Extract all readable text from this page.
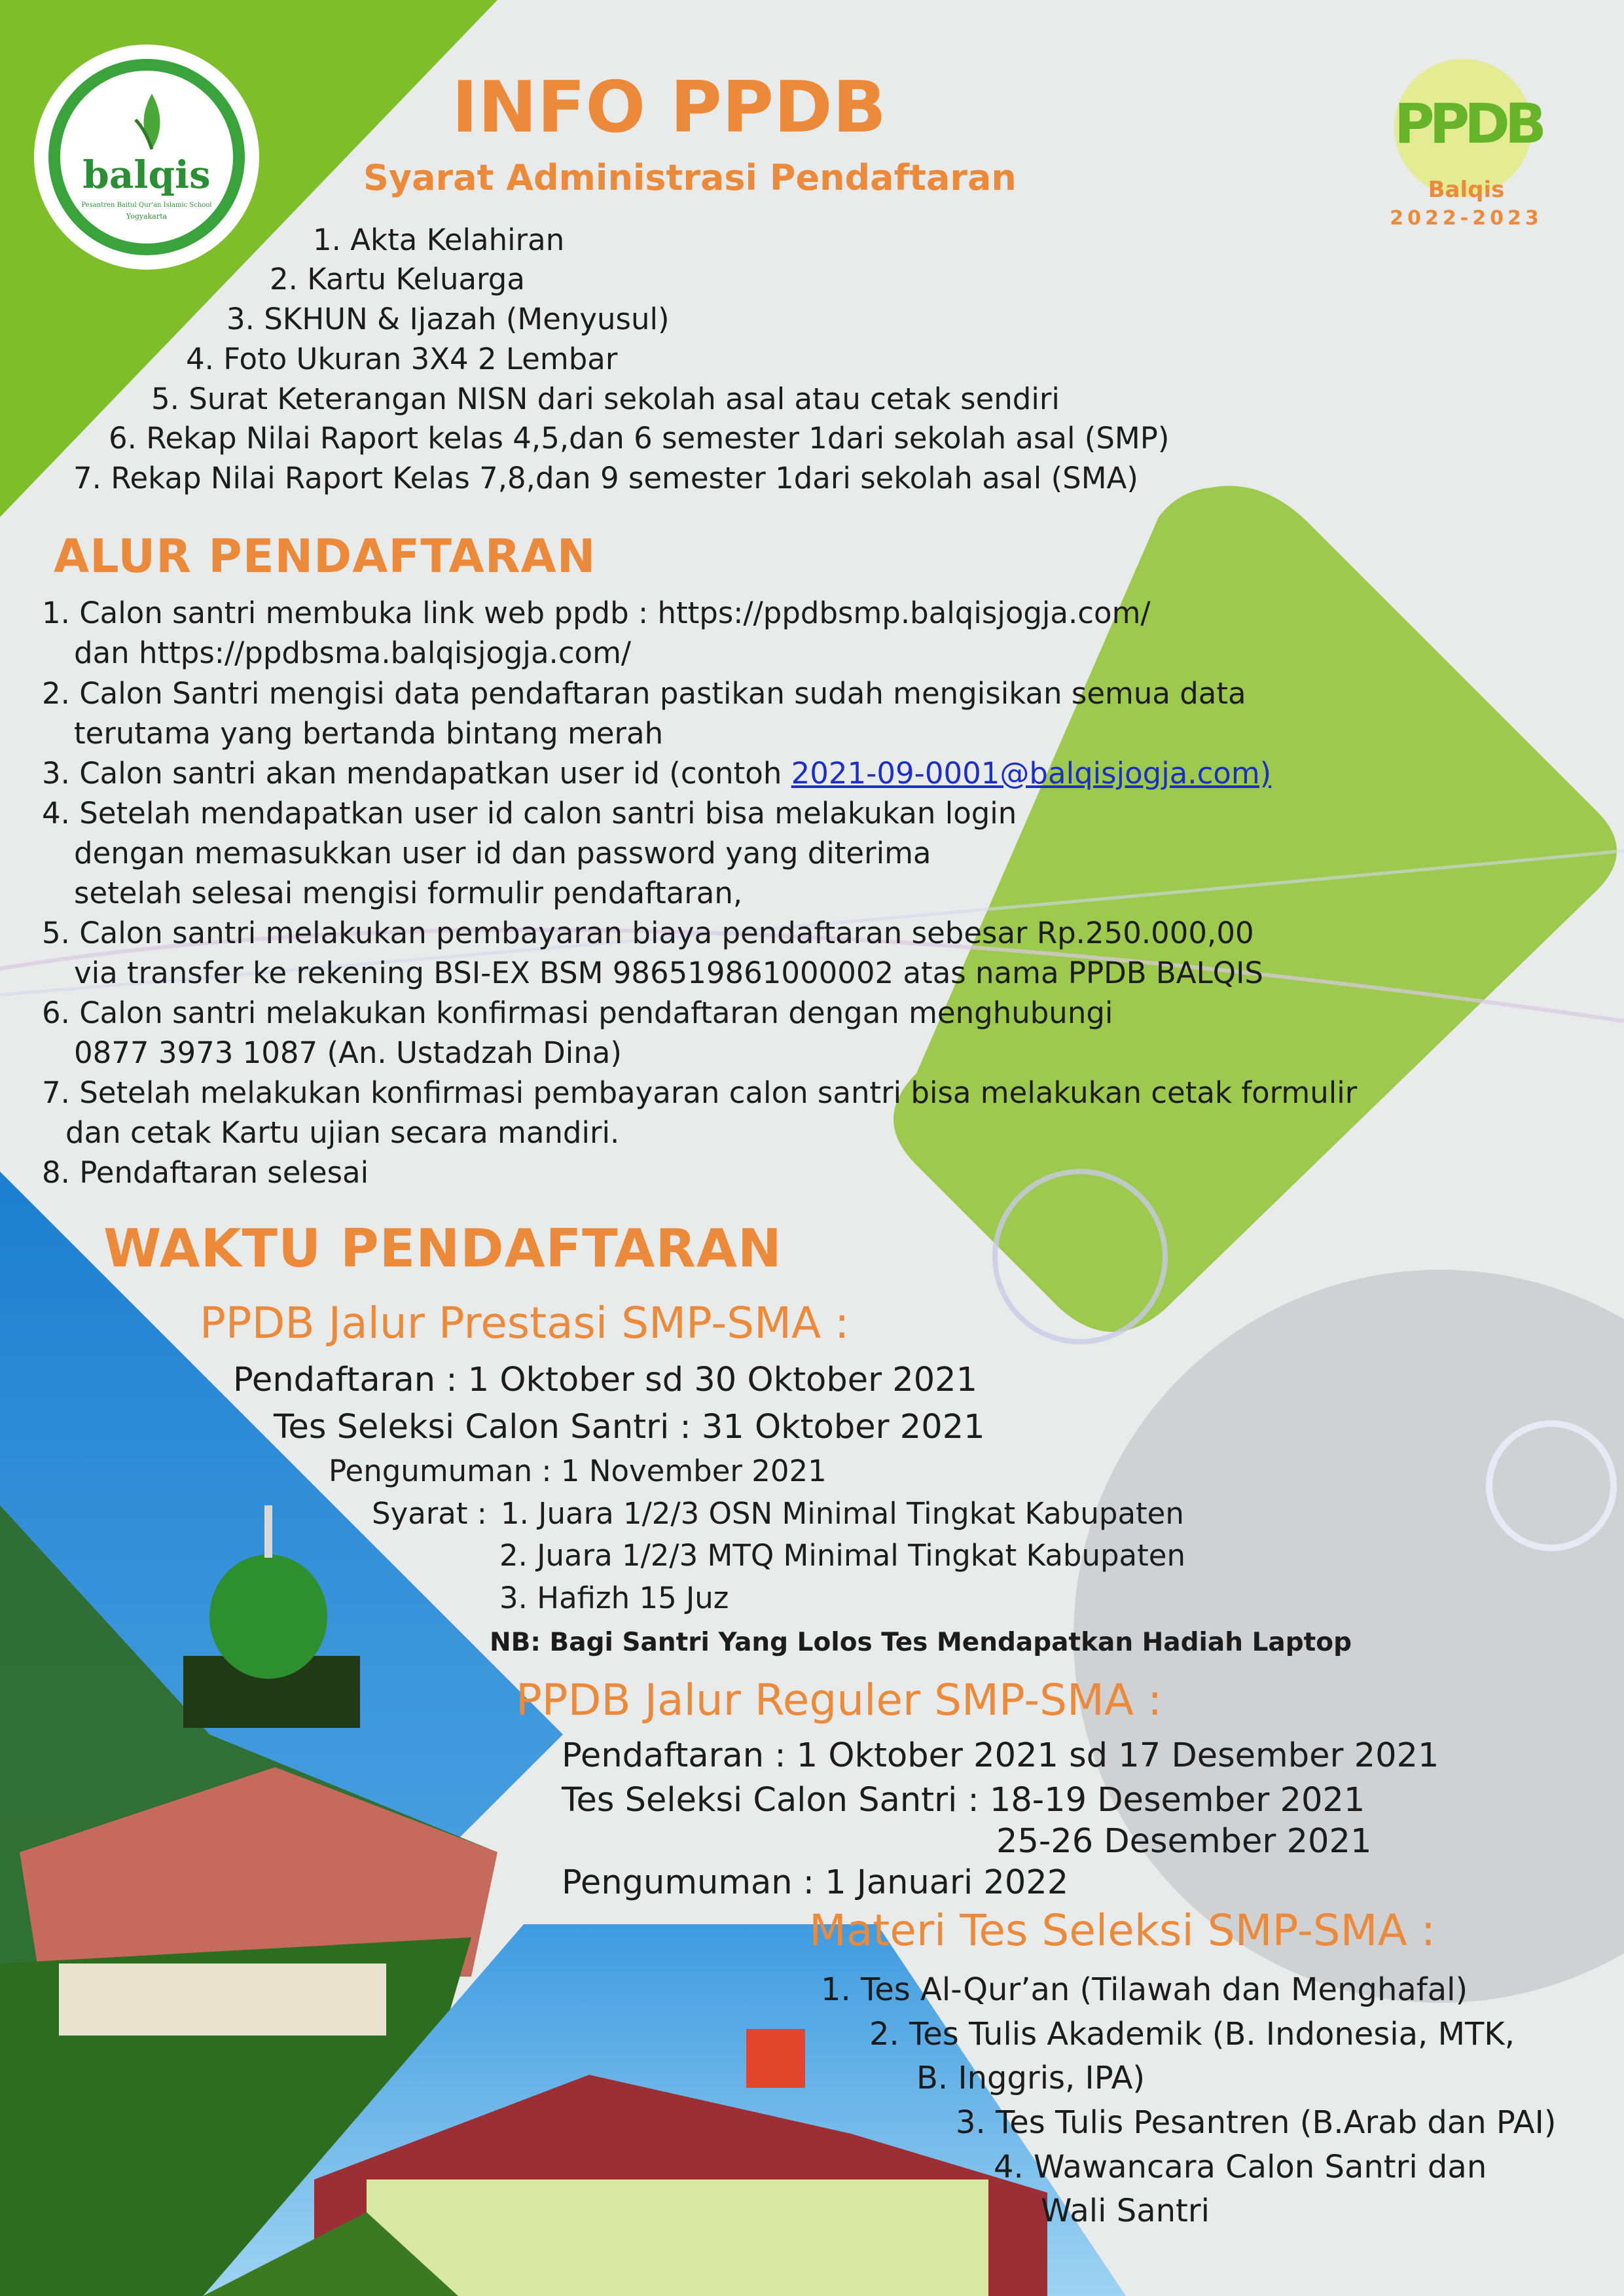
balqis
Pesantren Baitul Qur'an Islamic School
Yogyakarta
PPDB
Balqis
2022-2023
INFO PPDB
Syarat Administrasi Pendaftaran
1. Akta Kelahiran
2. Kartu Keluarga
3. SKHUN & Ijazah (Menyusul)
4. Foto Ukuran 3X4 2 Lembar
5. Surat Keterangan NISN dari sekolah asal atau cetak sendiri
6. Rekap Nilai Raport kelas 4,5,dan 6 semester 1dari sekolah asal (SMP)
7. Rekap Nilai Raport Kelas 7,8,dan 9 semester 1dari sekolah asal (SMA)
ALUR PENDAFTARAN
1. Calon santri membuka link web ppdb : https://ppdbsmp.balqisjogja.com/
dan https://ppdbsma.balqisjogja.com/
2. Calon Santri mengisi data pendaftaran pastikan sudah mengisikan semua data
terutama yang bertanda bintang merah
3. Calon santri akan mendapatkan user id (contoh 2021-09-0001@balqisjogja.com)
4. Setelah mendapatkan user id calon santri bisa melakukan login
dengan memasukkan user id dan password yang diterima
setelah selesai mengisi formulir pendaftaran,
5. Calon santri melakukan pembayaran biaya pendaftaran sebesar Rp.250.000,00
via transfer ke rekening BSI-EX BSM 986519861000002 atas nama PPDB BALQIS
6. Calon santri melakukan konfirmasi pendaftaran dengan menghubungi
0877 3973 1087 (An. Ustadzah Dina)
7. Setelah melakukan konfirmasi pembayaran calon santri bisa melakukan cetak formulir
dan cetak Kartu ujian secara mandiri.
8. Pendaftaran selesai
WAKTU PENDAFTARAN
PPDB Jalur Prestasi SMP-SMA :
Pendaftaran : 1 Oktober sd 30 Oktober 2021
Tes Seleksi Calon Santri : 31 Oktober 2021
Pengumuman : 1 November 2021
Syarat : 1. Juara 1/2/3 OSN Minimal Tingkat Kabupaten
2. Juara 1/2/3 MTQ Minimal Tingkat Kabupaten
3. Hafizh 15 Juz
NB: Bagi Santri Yang Lolos Tes Mendapatkan Hadiah Laptop
PPDB Jalur Reguler SMP-SMA :
Pendaftaran : 1 Oktober 2021 sd 17 Desember 2021
Tes Seleksi Calon Santri : 18-19 Desember 2021
25-26 Desember 2021
Pengumuman : 1 Januari 2022
Materi Tes Seleksi SMP-SMA :
1. Tes Al-Qur’an (Tilawah dan Menghafal)
2. Tes Tulis Akademik (B. Indonesia, MTK,
B. Inggris, IPA)
3. Tes Tulis Pesantren (B.Arab dan PAI)
4. Wawancara Calon Santri dan
Wali Santri
